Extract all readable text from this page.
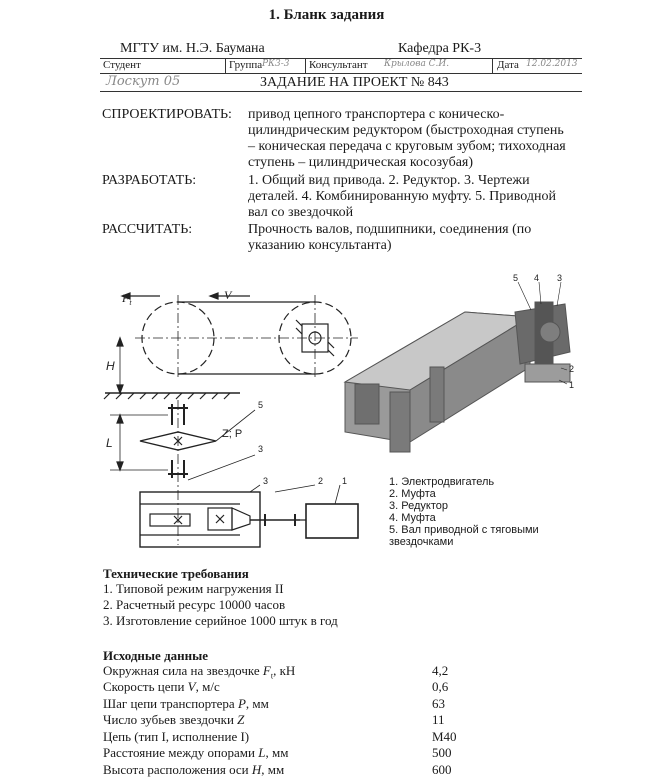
1. Бланк задания
МГТУ им. Н.Э. Баумана	Кафедра РК-3
Студент	Группа РК3-3 Консультант Крылова С.И.	Дата 12.02.2013
Лоскут 05	ЗАДАНИЕ НА ПРОЕКТ № 843
СПРОЕКТИРОВАТЬ: привод цепного транспортера с коническо-
цилиндрическим редуктором (быстроходная ступень
– коническая передача с круговым зубом; тихоходная
ступень – цилиндрическая косозубая)
РАЗРАБОТАТЬ:	1. Общий вид привода. 2. Редуктор. 3. Чертежи
деталей. 4. Комбинированную муфту. 5. Приводной
вал со звездочкой
РАССЧИТАТЬ:	Прочность валов, подшипники, соединения (по
указанию консультанта)
$F_t$
V
H
L
Z; P
5
3
3	2 1
5 4 3
2
1
1. Электродвигатель
2. Муфта
3. Редуктор
4. Муфта
5. Вал приводной с тяговыми
звездочками
Технические требования
1. Типовой режим нагружения II
2. Расчетный ресурс 10000 часов
3. Изготовление серийное 1000 штук в год
Исходные данные
Окружная сила на звездочке $F_t$, кН	4,2
Скорость цепи V, м/с	0,6
Шаг цепи транспортера P, мм	63
Число зубьев звездочки Z	11
Цепь (тип I, исполнение I)	М40
Расстояние между опорами L, мм	500
Высота расположения оси H, мм	600
